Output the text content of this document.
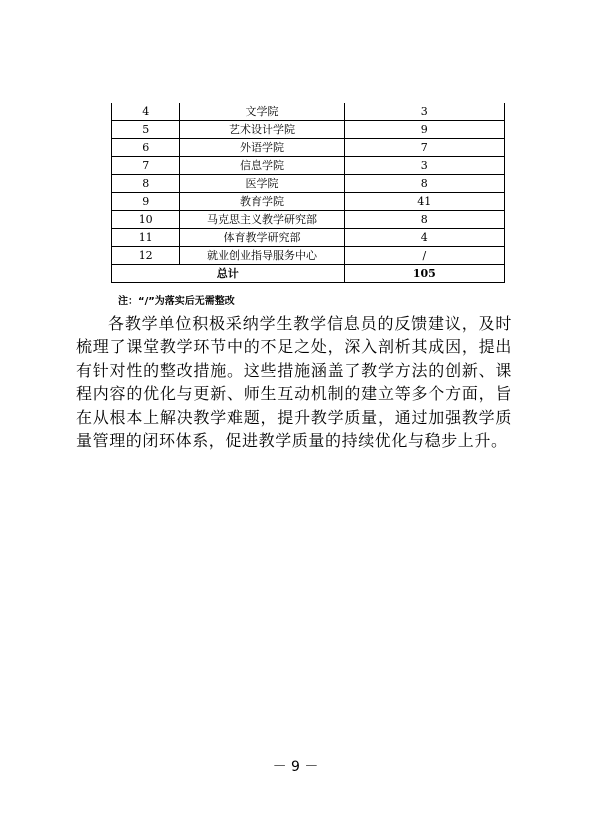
4	文学院	3
5	艺术设计学院	9
6	外语学院	7
7	信息学院	3
8	医学院	8
9	教育学院	41
10	马克思主义教学研究部	8
11	体育教学研究部	4
12	就业创业指导服务中心	/
总计		105
注：“/”为落实后无需整改

各教学单位积极采纳学生教学信息员的反馈建议，及时梳理了课堂教学环节中的不足之处，深入剖析其成因，提出有针对性的整改措施。这些措施涵盖了教学方法的创新、课程内容的优化与更新、师生互动机制的建立等多个方面，旨在从根本上解决教学难题，提升教学质量，通过加强教学质量管理的闭环体系，促进教学质量的持续优化与稳步上升。

－ 9 －
